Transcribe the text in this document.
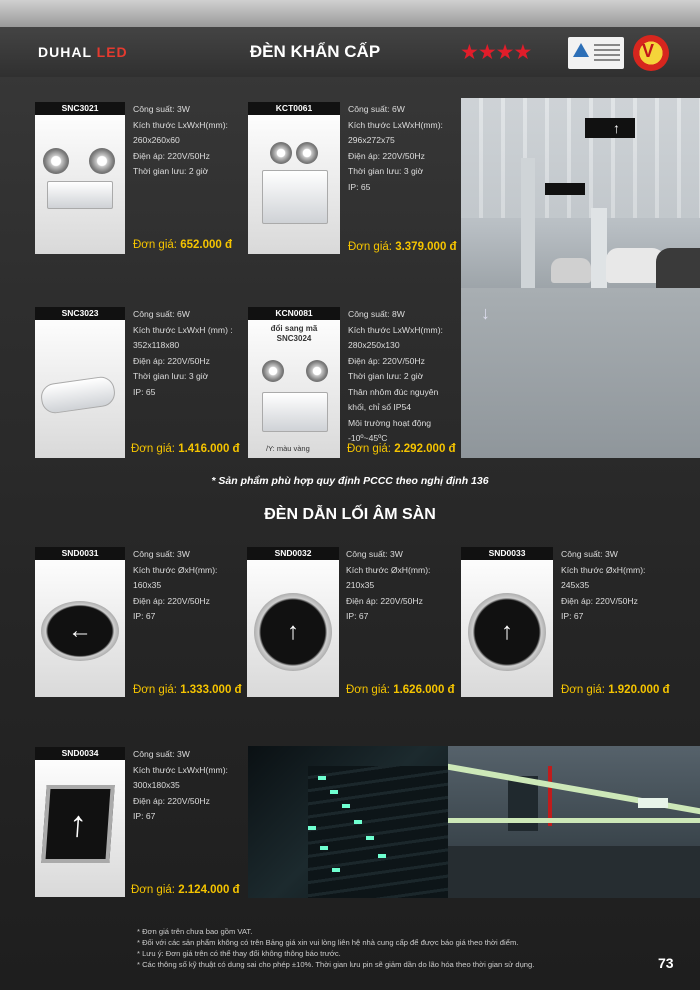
DUHAL LED	ĐÈN KHẨN CẤP	★★★★	V
SNC3021	Công suất: 3W
Kích thước LxWxH(mm):
260x260x60
Điện áp: 220V/50Hz
Thời gian lưu: 2 giờ
Đơn giá: 652.000 đ
KCT0061	Công suất: 6W
Kích thước LxWxH(mm):
296x272x75
Điện áp: 220V/50Hz
Thời gian lưu: 3 giờ
IP: 65
Đơn giá: 3.379.000 đ
SNC3023	Công suất: 6W
Kích thước LxWxH (mm) :
352x118x80
Điện áp: 220V/50Hz
Thời gian lưu: 3 giờ
IP: 65
Đơn giá: 1.416.000 đ
KCN0081
đổi sang mã
SNC3024
/Y: màu vàng
Công suất: 8W
Kích thước LxWxH(mm):
280x250x130
Điện áp: 220V/50Hz
Thời gian lưu: 2 giờ
Thân nhôm đúc nguyên
khối, chỉ số IP54
Môi trường hoạt động
-10º~45ºC
Đơn giá: 2.292.000 đ
↑
↓
* Sản phẩm phù hợp quy định PCCC theo nghị định 136
ĐÈN DẪN LỐI ÂM SÀN
SND0031
←
Công suất: 3W
Kích thước ØxH(mm):
160x35
Điện áp: 220V/50Hz
IP: 67
Đơn giá: 1.333.000 đ
SND0032
↑
Công suất: 3W
Kích thước ØxH(mm):
210x35
Điện áp: 220V/50Hz
IP: 67
Đơn giá: 1.626.000 đ
SND0033
↑
Công suất: 3W
Kích thước ØxH(mm):
245x35
Điện áp: 220V/50Hz
IP: 67
Đơn giá: 1.920.000 đ
SND0034
↑
Công suất: 3W
Kích thước LxWxH(mm):
300x180x35
Điện áp: 220V/50Hz
IP: 67
Đơn giá: 2.124.000 đ
* Đơn giá trên chưa bao gồm VAT.
* Đối với các sản phẩm không có trên Bảng giá xin vui lòng liên hệ nhà cung cấp để được báo giá theo thời điểm.
* Lưu ý: Đơn giá trên có thể thay đổi không thông báo trước.
* Các thông số kỹ thuật có dung sai cho phép ±10%. Thời gian lưu pin sẽ giảm dần do lão hóa theo thời gian sử dụng.	73
